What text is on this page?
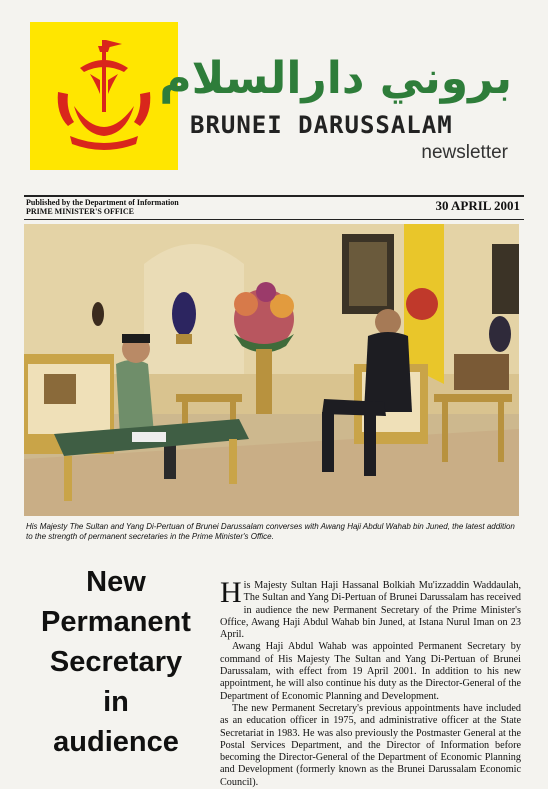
بروني دارالسلام
BRUNEI DARUSSALAM
newsletter
Published by the Department of Information
PRIME MINISTER'S OFFICE	30 APRIL 2001
His Majesty The Sultan and Yang Di-Pertuan of Brunei Darussalam converses with Awang Haji Abdul Wahab bin Juned, the latest addition to the strength of permanent secretaries in the Prime Minister's Office.
New
Permanent
Secretary
in
audience

His Majesty Sultan Haji Hassanal Bolkiah Mu'izzaddin Waddaulah, The Sultan and Yang Di-Pertuan of Brunei Darussalam has received in audience the new Permanent Secretary of the Prime Minister's Office, Awang Haji Abdul Wahab bin Juned, at Istana Nurul Iman on 23 April.

Awang Haji Abdul Wahab was appointed Permanent Secretary by command of His Majesty The Sultan and Yang Di-Pertuan of Brunei Darussalam, with effect from 19 April 2001. In addition to his new appointment, he will also continue his duty as the Director-General of the Department of Economic Planning and Development.

The new Permanent Secretary's previous appointments have included as an education officer in 1975, and administrative officer at the State Secretariat in 1983. He was also previously the Postmaster General at the Postal Services Department, and the Director of Information before becoming the Director-General of the Department of Economic Planning and Development (formerly known as the Brunei Darussalam Economic Council).
